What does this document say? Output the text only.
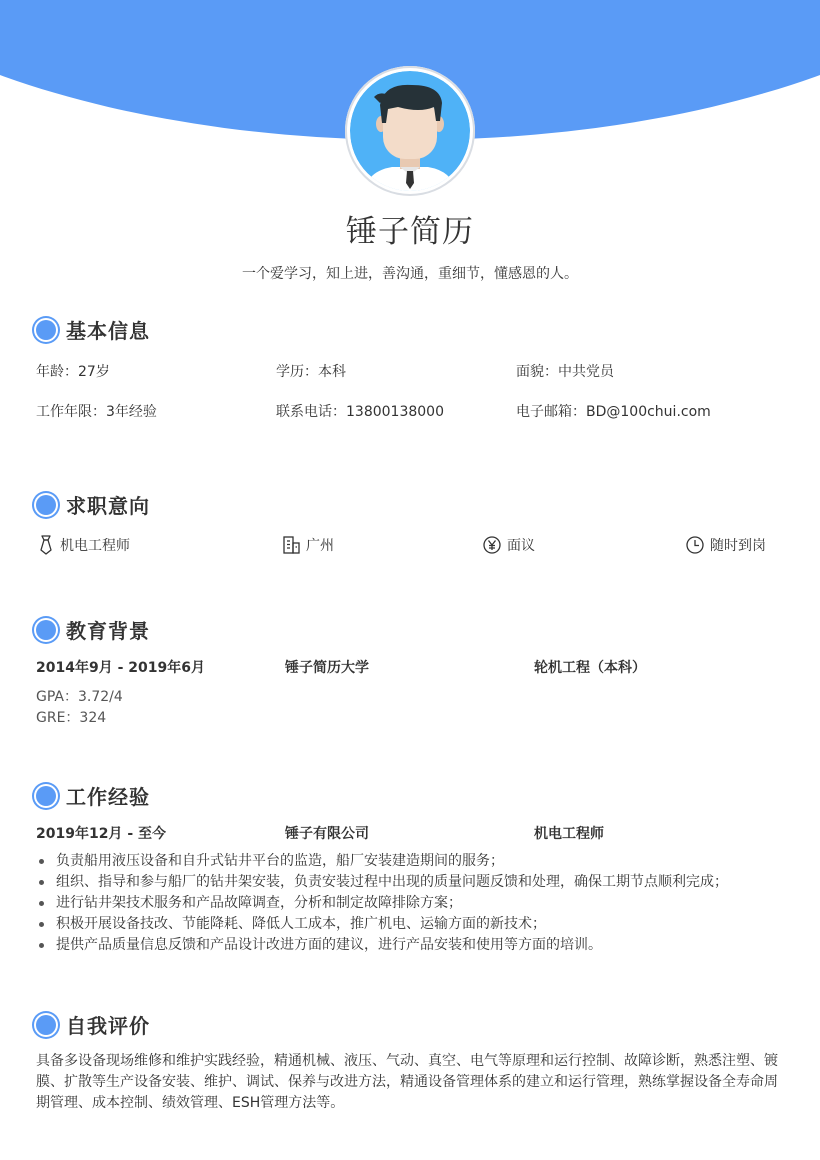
锤子简历
一个爱学习，知上进，善沟通，重细节，懂感恩的人。
基本信息
年龄：27岁	学历：本科	面貌：中共党员
工作年限：3年经验	联系电话：13800138000	电子邮箱：BD@100chui.com
求职意向
机电工程师	广州	面议	随时到岗
教育背景
2014年9月 - 2019年6月	锤子简历大学	轮机工程（本科）
GPA：3.72/4
GRE：324
工作经验
2019年12月 - 至今	锤子有限公司	机电工程师
负责船用液压设备和自升式钻井平台的监造，船厂安装建造期间的服务；
组织、指导和参与船厂的钻井架安装，负责安装过程中出现的质量问题反馈和处理，确保工期节点顺利完成；
进行钻井架技术服务和产品故障调查，分析和制定故障排除方案；
积极开展设备技改、节能降耗、降低人工成本，推广机电、运输方面的新技术；
提供产品质量信息反馈和产品设计改进方面的建议，进行产品安装和使用等方面的培训。
自我评价
具备多设备现场维修和维护实践经验，精通机械、液压、气动、真空、电气等原理和运行控制、故障诊断，熟悉注塑、镀膜、扩散等生产设备安装、维护、调试、保养与改进方法，精通设备管理体系的建立和运行管理，熟练掌握设备全寿命周期管理、成本控制、绩效管理、ESH管理方法等。
